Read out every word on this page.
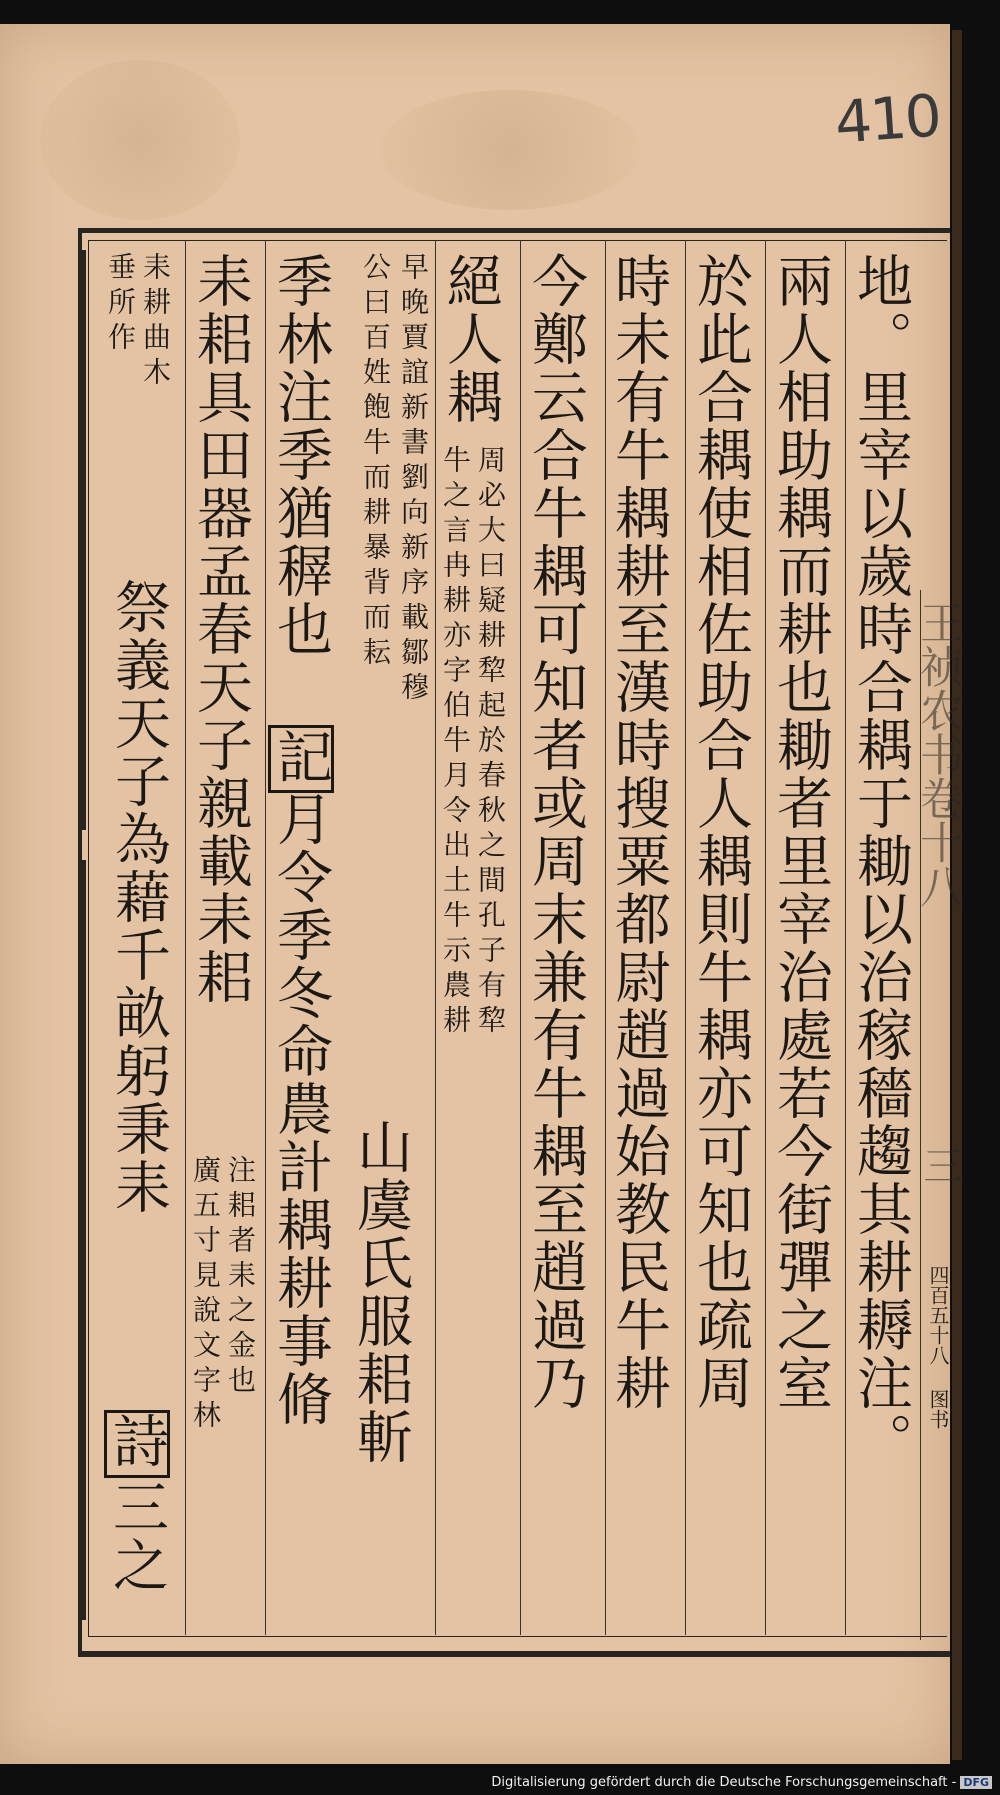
410
王祯农书卷十八
三
四百五十八 图书
地。里宰以歲時合耦于耡以治稼穡趨其耕耨注。
兩人相助耦而耕也耡者里宰治處若今街彈之室
於此合耦使相佐助合人耦則牛耦亦可知也疏周
時未有牛耦耕至漢時搜粟都尉趙過始教民牛耕
今鄭云合牛耦可知者或周末兼有牛耦至趙過乃
絕人耦
周必大曰疑耕犂起於春秋之間孔子有犂
牛之言冉耕亦字伯牛月令出土牛示農耕
早晚賈誼新書劉向新序載鄒穆
公曰百姓飽牛而耕暴背而耘
山虞氏服耜斬
季林注季猶稺也
記
月令季冬命農計耦耕事脩
耒耜具田器孟春天子親載耒耜
注耜者耒之金也
廣五寸見說文字林
耒耕曲木
垂所作
祭義天子為藉千畝躬秉耒
詩
三之
Digitalisierung gefördert durch die Deutsche Forschungsgemeinschaft - DFG
